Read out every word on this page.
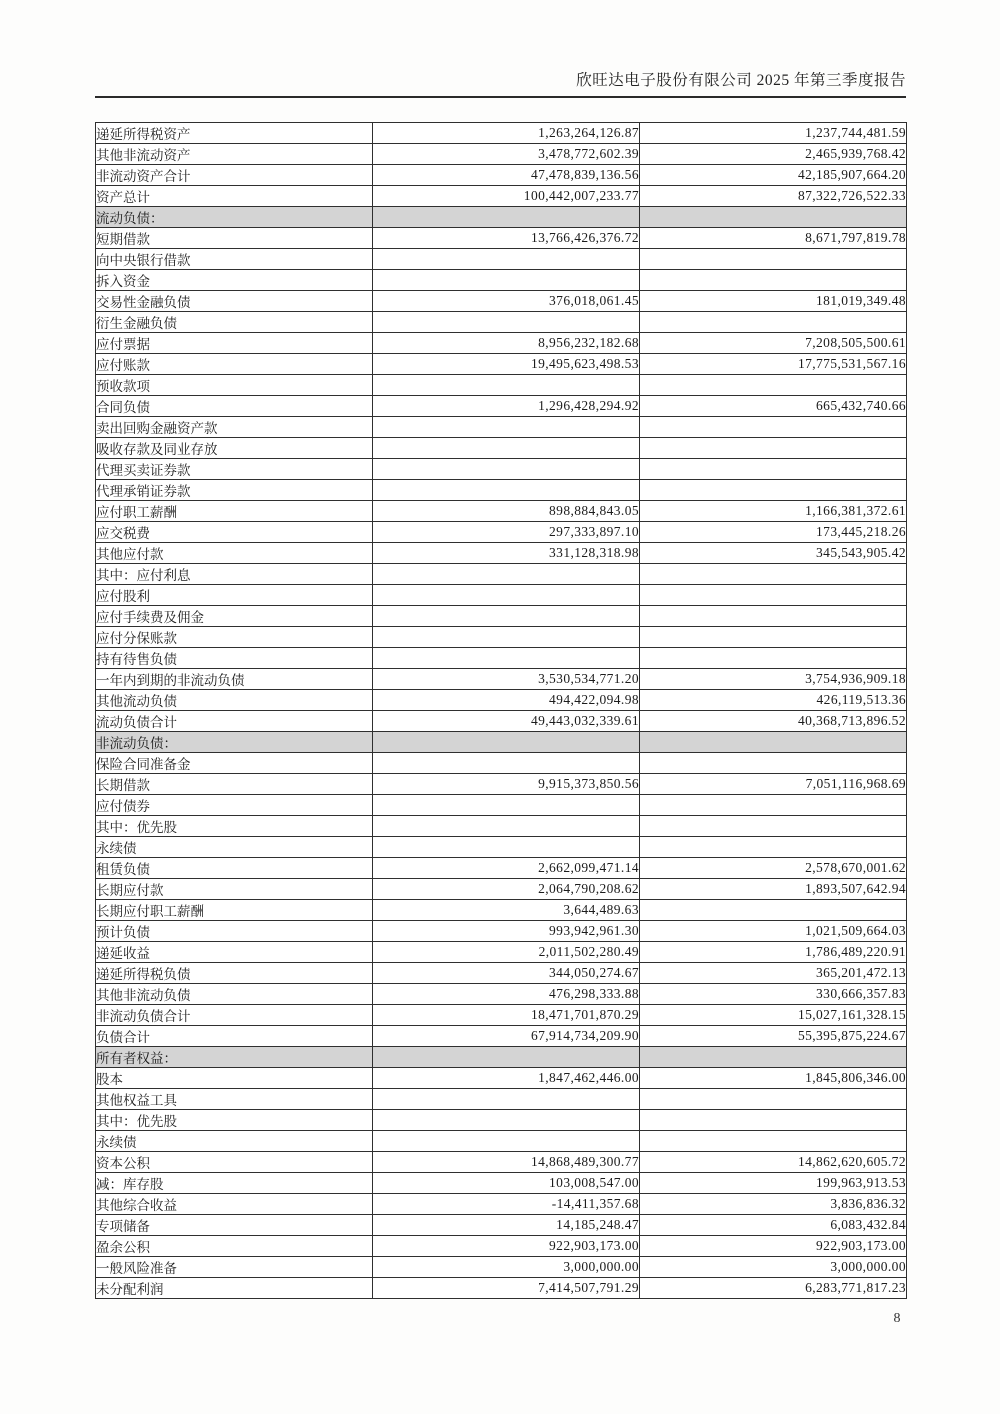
欣旺达电子股份有限公司 2025 年第三季度报告
递延所得税资产	1,263,264,126.87	1,237,744,481.59
其他非流动资产	3,478,772,602.39	2,465,939,768.42
非流动资产合计	47,478,839,136.56	42,185,907,664.20
资产总计	100,442,007,233.77	87,322,726,522.33
流动负债：		
短期借款	13,766,426,376.72	8,671,797,819.78
向中央银行借款		
拆入资金		
交易性金融负债	376,018,061.45	181,019,349.48
衍生金融负债		
应付票据	8,956,232,182.68	7,208,505,500.61
应付账款	19,495,623,498.53	17,775,531,567.16
预收款项		
合同负债	1,296,428,294.92	665,432,740.66
卖出回购金融资产款		
吸收存款及同业存放		
代理买卖证券款		
代理承销证券款		
应付职工薪酬	898,884,843.05	1,166,381,372.61
应交税费	297,333,897.10	173,445,218.26
其他应付款	331,128,318.98	345,543,905.42
其中：应付利息		
应付股利		
应付手续费及佣金		
应付分保账款		
持有待售负债		
一年内到期的非流动负债	3,530,534,771.20	3,754,936,909.18
其他流动负债	494,422,094.98	426,119,513.36
流动负债合计	49,443,032,339.61	40,368,713,896.52
非流动负债：		
保险合同准备金		
长期借款	9,915,373,850.56	7,051,116,968.69
应付债券		
其中：优先股		
永续债		
租赁负债	2,662,099,471.14	2,578,670,001.62
长期应付款	2,064,790,208.62	1,893,507,642.94
长期应付职工薪酬	3,644,489.63	
预计负债	993,942,961.30	1,021,509,664.03
递延收益	2,011,502,280.49	1,786,489,220.91
递延所得税负债	344,050,274.67	365,201,472.13
其他非流动负债	476,298,333.88	330,666,357.83
非流动负债合计	18,471,701,870.29	15,027,161,328.15
负债合计	67,914,734,209.90	55,395,875,224.67
所有者权益：		
股本	1,847,462,446.00	1,845,806,346.00
其他权益工具		
其中：优先股		
永续债		
资本公积	14,868,489,300.77	14,862,620,605.72
减：库存股	103,008,547.00	199,963,913.53
其他综合收益	-14,411,357.68	3,836,836.32
专项储备	14,185,248.47	6,083,432.84
盈余公积	922,903,173.00	922,903,173.00
一般风险准备	3,000,000.00	3,000,000.00
未分配利润	7,414,507,791.29	6,283,771,817.23
8
